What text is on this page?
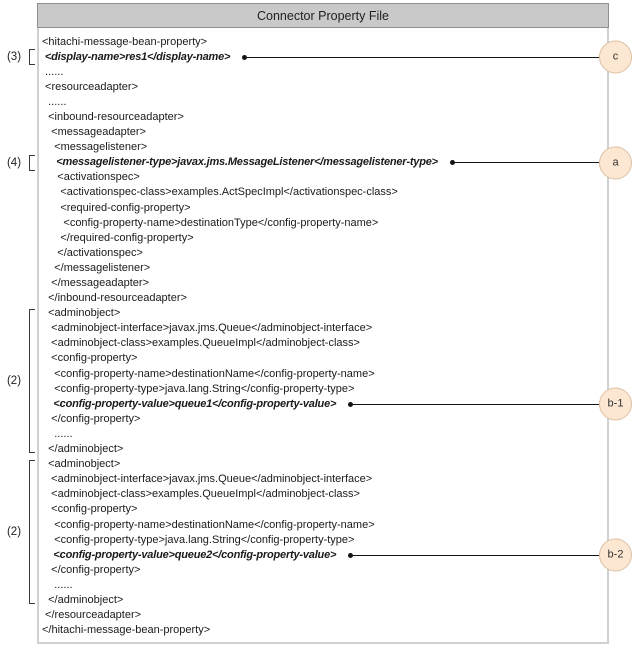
(3)
(4)
(2)
(2)
Connector Property File
<hitachi-message-bean-property>
<display-name>res1</display-name>	c
......
<resourceadapter>
......
<inbound-resourceadapter>
<messageadapter>
<messagelistener>
<messagelistener-type>javax.jms.MessageListener</messagelistener-type>	a
<activationspec>
<activationspec-class>examples.ActSpecImpl</activationspec-class>
<required-config-property>
<config-property-name>destinationType</config-property-name>
</required-config-property>
</activationspec>
</messagelistener>
</messageadapter>
</inbound-resourceadapter>
<adminobject>
<adminobject-interface>javax.jms.Queue</adminobject-interface>
<adminobject-class>examples.QueueImpl</adminobject-class>
<config-property>
<config-property-name>destinationName</config-property-name>
<config-property-type>java.lang.String</config-property-type>
<config-property-value>queue1</config-property-value>	b-1
</config-property>
......
</adminobject>
<adminobject>
<adminobject-interface>javax.jms.Queue</adminobject-interface>
<adminobject-class>examples.QueueImpl</adminobject-class>
<config-property>
<config-property-name>destinationName</config-property-name>
<config-property-type>java.lang.String</config-property-type>
<config-property-value>queue2</config-property-value>	b-2
</config-property>
......
</adminobject>
</resourceadapter>
</hitachi-message-bean-property>
